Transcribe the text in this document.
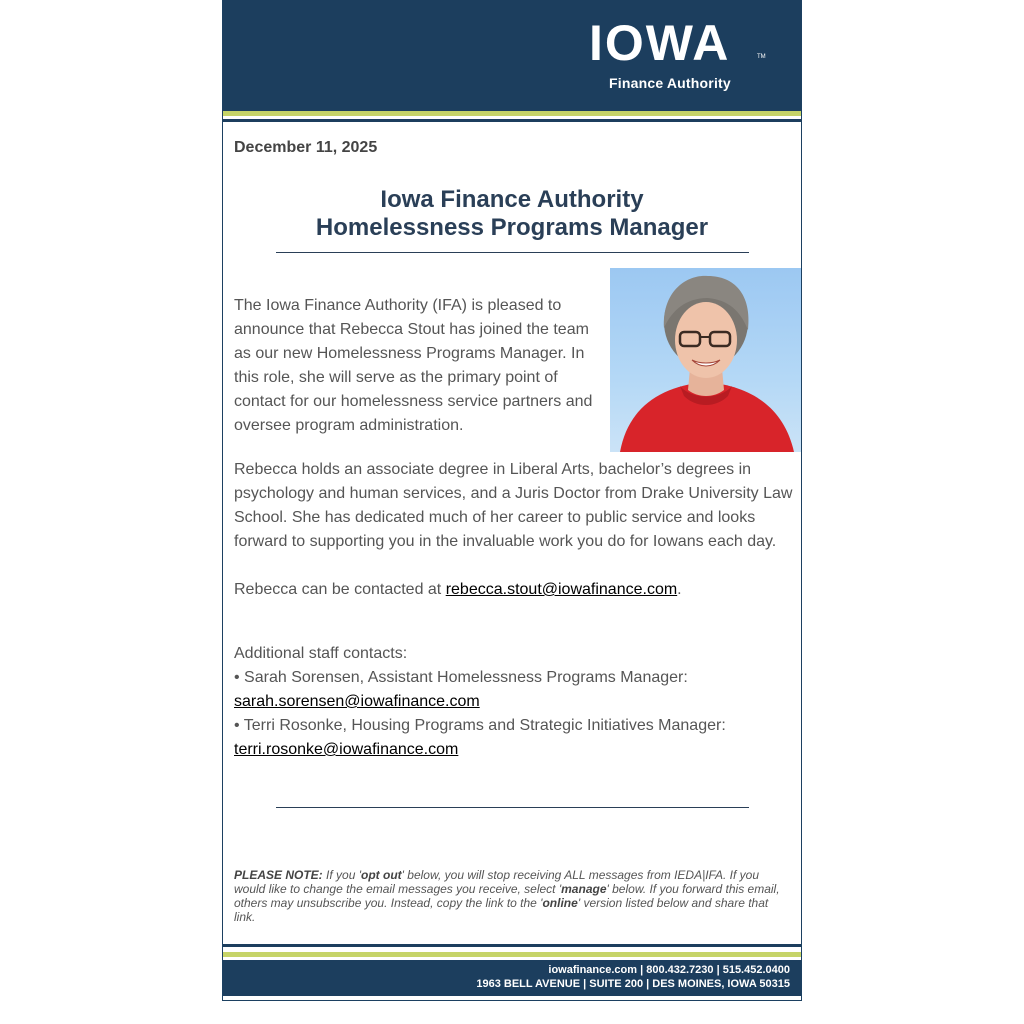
IOWA	TM
Finance Authority
December 11, 2025
Iowa Finance Authority
Homelessness Programs Manager
The Iowa Finance Authority (IFA) is pleased to announce that Rebecca Stout has joined the team as our new Homelessness Programs Manager. In this role, she will serve as the primary point of contact for our homelessness service partners and oversee program administration.
Rebecca holds an associate degree in Liberal Arts, bachelor’s degrees in psychology and human services, and a Juris Doctor from Drake University Law School. She has dedicated much of her career to public service and looks forward to supporting you in the invaluable work you do for Iowans each day.
Rebecca can be contacted at rebecca.stout@iowafinance.com.
Additional staff contacts:
• Sarah Sorensen, Assistant Homelessness Programs Manager:
sarah.sorensen@iowafinance.com
• Terri Rosonke, Housing Programs and Strategic Initiatives Manager:
terri.rosonke@iowafinance.com
PLEASE NOTE: If you 'opt out' below, you will stop receiving ALL messages from IEDA|IFA. If you would like to change the email messages you receive, select 'manage' below. If you forward this email, others may unsubscribe you. Instead, copy the link to the 'online' version listed below and share that link.
iowafinance.com | 800.432.7230 | 515.452.0400
1963 BELL AVENUE | SUITE 200 | DES MOINES, IOWA 50315
